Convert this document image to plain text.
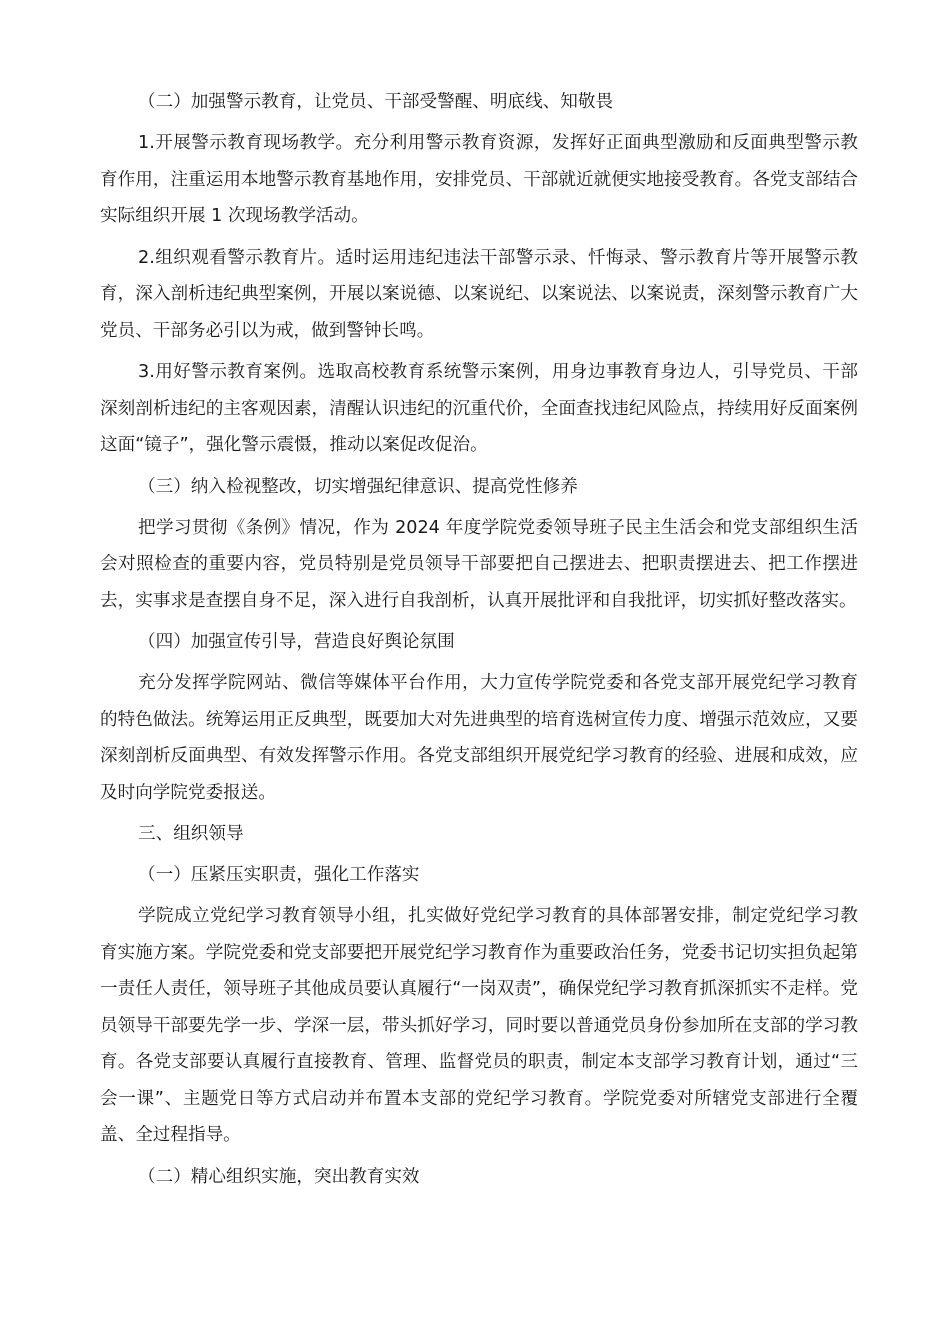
（二）加强警示教育，让党员、干部受警醒、明底线、知敬畏

1.开展警示教育现场教学。充分利用警示教育资源，发挥好正面典型激励和反面典型警示教育作用，注重运用本地警示教育基地作用，安排党员、干部就近就便实地接受教育。各党支部结合实际组织开展 1 次现场教学活动。

2.组织观看警示教育片。适时运用违纪违法干部警示录、忏悔录、警示教育片等开展警示教育，深入剖析违纪典型案例，开展以案说德、以案说纪、以案说法、以案说责，深刻警示教育广大党员、干部务必引以为戒，做到警钟长鸣。

3.用好警示教育案例。选取高校教育系统警示案例，用身边事教育身边人，引导党员、干部深刻剖析违纪的主客观因素，清醒认识违纪的沉重代价，全面查找违纪风险点，持续用好反面案例这面“镜子”，强化警示震慑，推动以案促改促治。

（三）纳入检视整改，切实增强纪律意识、提高党性修养

把学习贯彻《条例》情况，作为 2024 年度学院党委领导班子民主生活会和党支部组织生活会对照检查的重要内容，党员特别是党员领导干部要把自己摆进去、把职责摆进去、把工作摆进去，实事求是查摆自身不足，深入进行自我剖析，认真开展批评和自我批评，切实抓好整改落实。

（四）加强宣传引导，营造良好舆论氛围

充分发挥学院网站、微信等媒体平台作用，大力宣传学院党委和各党支部开展党纪学习教育的特色做法。统筹运用正反典型，既要加大对先进典型的培育选树宣传力度、增强示范效应，又要深刻剖析反面典型、有效发挥警示作用。各党支部组织开展党纪学习教育的经验、进展和成效，应及时向学院党委报送。

三、组织领导

（一）压紧压实职责，强化工作落实

学院成立党纪学习教育领导小组，扎实做好党纪学习教育的具体部署安排，制定党纪学习教育实施方案。学院党委和党支部要把开展党纪学习教育作为重要政治任务，党委书记切实担负起第一责任人责任，领导班子其他成员要认真履行“一岗双责”，确保党纪学习教育抓深抓实不走样。党员领导干部要先学一步、学深一层，带头抓好学习，同时要以普通党员身份参加所在支部的学习教育。各党支部要认真履行直接教育、管理、监督党员的职责，制定本支部学习教育计划，通过“三会一课”、主题党日等方式启动并布置本支部的党纪学习教育。学院党委对所辖党支部进行全覆盖、全过程指导。

（二）精心组织实施，突出教育实效
